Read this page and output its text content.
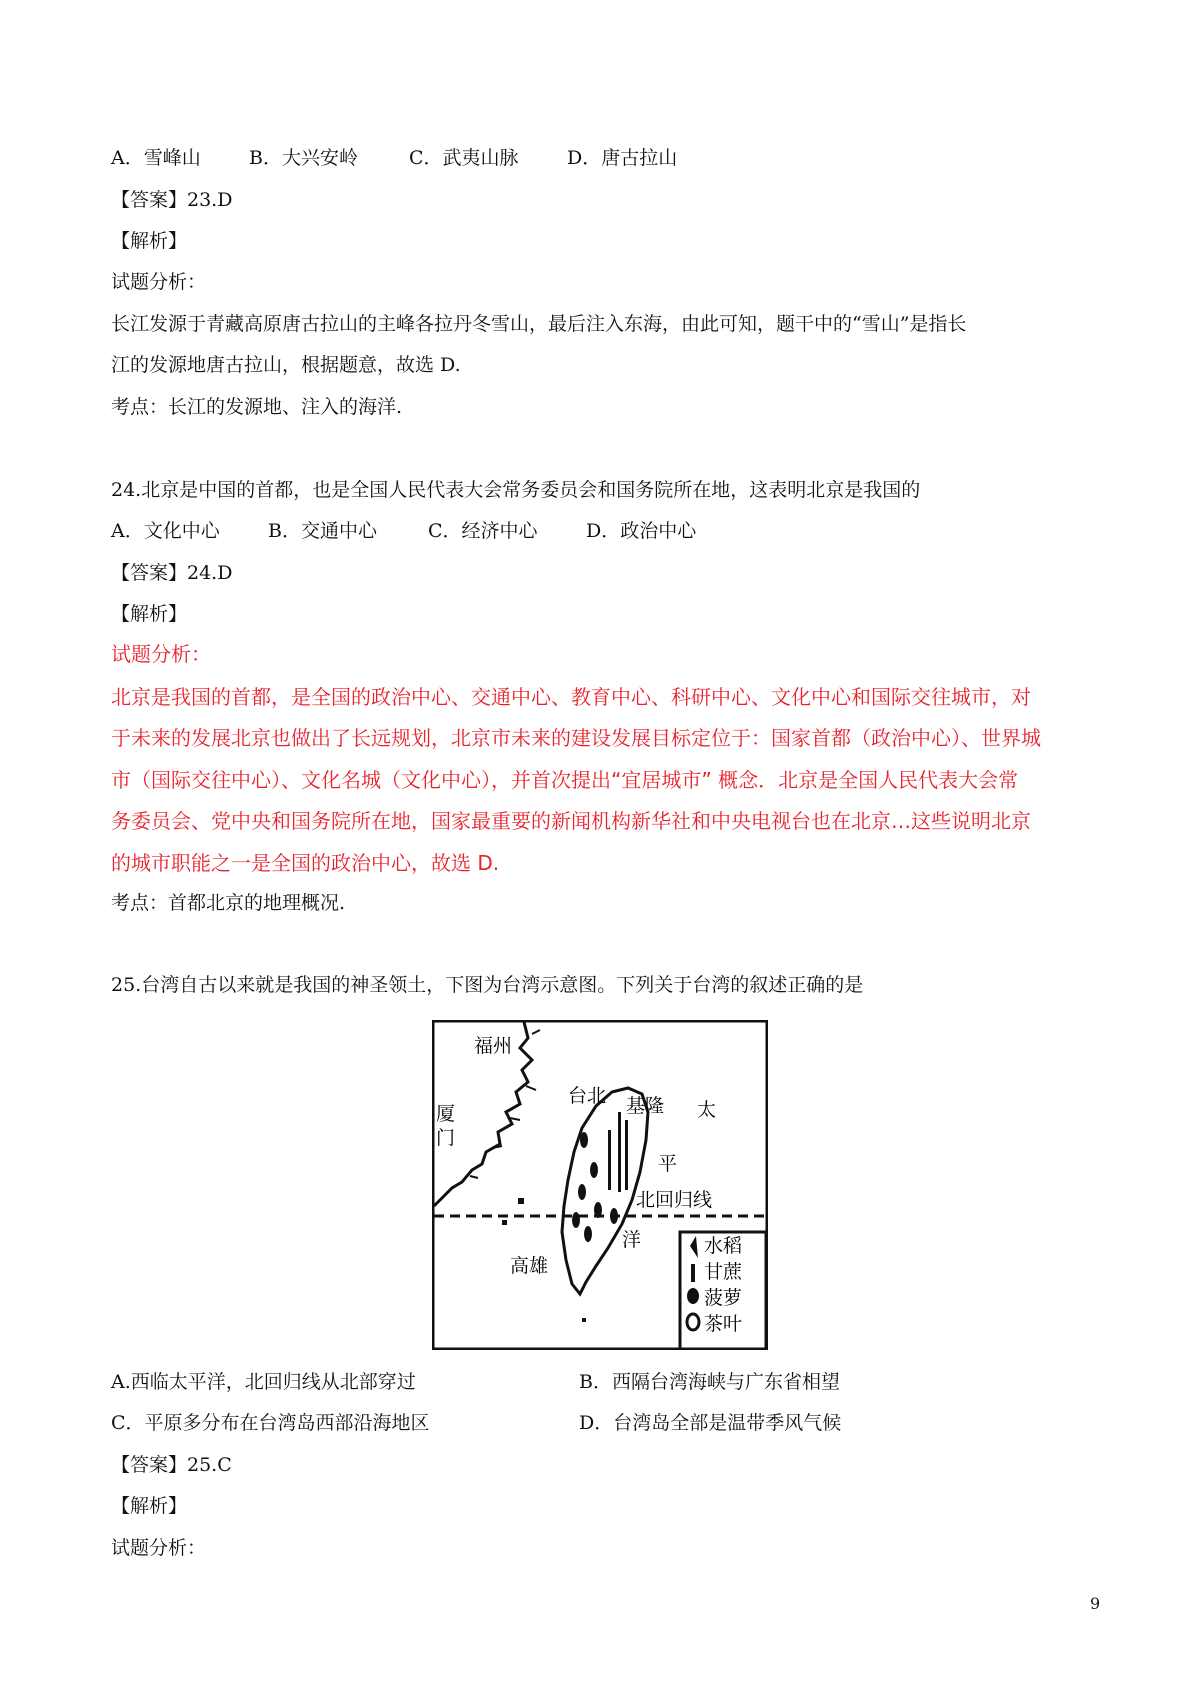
A．雪峰山	B．大兴安岭	C．武夷山脉	D．唐古拉山
【答案】23.D
【解析】
试题分析：
长江发源于青藏高原唐古拉山的主峰各拉丹冬雪山，最后注入东海，由此可知，题干中的“雪山”是指长
江的发源地唐古拉山，根据题意，故选 D.
考点：长江的发源地、注入的海洋.
24.北京是中国的首都，也是全国人民代表大会常务委员会和国务院所在地，这表明北京是我国的
A．文化中心	B．交通中心	C．经济中心	D．政治中心
【答案】24.D
【解析】
试题分析：
北京是我国的首都，是全国的政治中心、交通中心、教育中心、科研中心、文化中心和国际交往城市，对
于未来的发展北京也做出了长远规划，北京市未来的建设发展目标定位于：国家首都（政治中心）、世界城
市（国际交往中心）、文化名城（文化中心），并首次提出“宜居城市” 概念．北京是全国人民代表大会常
务委员会、党中央和国务院所在地，国家最重要的新闻机构新华社和中央电视台也在北京…这些说明北京
的城市职能之一是全国的政治中心，故选 D.
考点：首都北京的地理概况.
25.台湾自古以来就是我国的神圣领土，下图为台湾示意图。下列关于台湾的叙述正确的是
水稻
甘蔗
菠萝
茶叶
福州
厦
门
台北 基隆 太
平
北回归线
洋
高雄
A.西临太平洋，北回归线从北部穿过	B．西隔台湾海峡与广东省相望
C．平原多分布在台湾岛西部沿海地区	D．台湾岛全部是温带季风气候
【答案】25.C
【解析】
试题分析：
9
